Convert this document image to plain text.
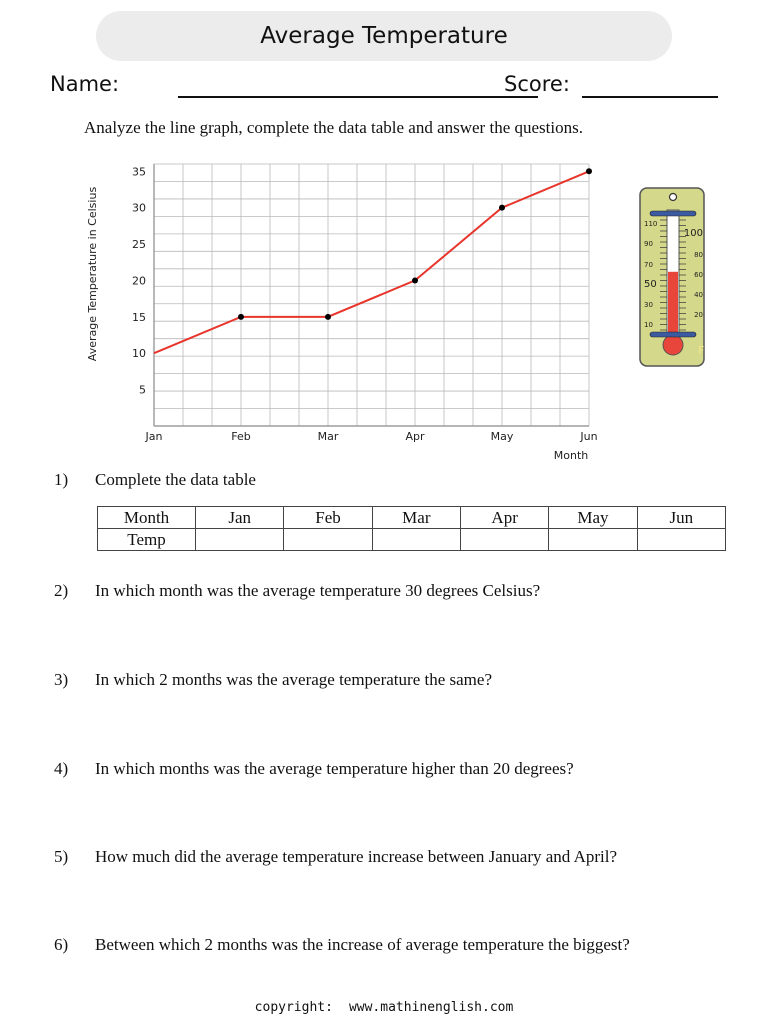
Average Temperature
Name:	Score:
Analyze the line graph, complete the data table and answer the questions.
5
10
15
20
25
30
35
Jan	Feb	Mar	Apr	May	Jun
Average Temperature in Celsius
Month
110
90
70
50
30
10
100
80
60
40
20
F
1) Complete the data table
Month	Jan	Feb	Mar	Apr	May	Jun
Temp						
2) In which month was the average temperature 30 degrees Celsius?
3) In which 2 months was the average temperature the same?
4) In which months was the average temperature higher than 20 degrees?
5) How much did the average temperature increase between January and April?
6) Between which 2 months was the increase of average temperature the biggest?
copyright: www.mathinenglish.com
